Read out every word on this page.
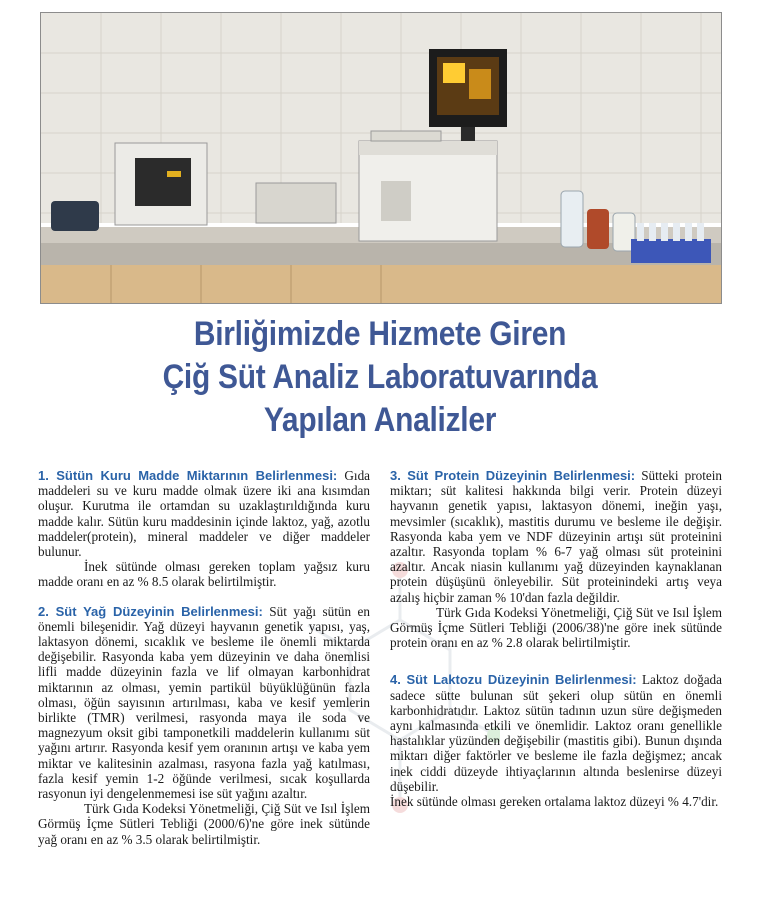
Birliğimizde Hizmete Giren
Çiğ Süt Analiz Laboratuvarında
Yapılan Analizler

1. Sütün Kuru Madde Miktarının Belirlenmesi: Gıda maddeleri su ve kuru madde olmak üzere iki ana kısımdan oluşur. Kurutma ile ortamdan su uzaklaştırıldığında kuru madde kalır. Sütün kuru maddesinin içinde laktoz, yağ, azotlu maddeler(protein), mineral maddeler ve diğer maddeler bulunur.

İnek sütünde olması gereken toplam yağsız kuru madde oranı en az % 8.5 olarak belirtilmiştir.

2. Süt Yağ Düzeyinin Belirlenmesi: Süt yağı sütün en önemli bileşenidir. Yağ düzeyi hayvanın genetik yapısı, yaş, laktasyon dönemi, sıcaklık ve besleme ile önemli miktarda değişebilir. Rasyonda kaba yem düzeyinin ve daha önemlisi lifli madde düzeyinin fazla ve lif olmayan karbonhidrat miktarının az olması, yemin partikül büyüklüğünün fazla olması, öğün sayısının artırılması, kaba ve kesif yemlerin birlikte (TMR) verilmesi, rasyonda maya ile soda ve magnezyum oksit gibi tamponetkili maddelerin kullanımı süt yağını artırır. Rasyonda kesif yem oranının artışı ve kaba yem miktar ve kalitesinin azalması, rasyona fazla yağ katılması, fazla kesif yemin 1-2 öğünde verilmesi, sıcak koşullarda rasyonun iyi dengelenmemesi ise süt yağını azaltır.

Türk Gıda Kodeksi Yönetmeliği, Çiğ Süt ve Isıl İşlem Görmüş İçme Sütleri Tebliği (2000/6)'ne göre inek sütünde yağ oranı en az % 3.5 olarak belirtilmiştir.

3. Süt Protein Düzeyinin Belirlenmesi: Sütteki protein miktarı; süt kalitesi hakkında bilgi verir. Protein düzeyi hayvanın genetik yapısı, laktasyon dönemi, ineğin yaşı, mevsimler (sıcaklık), mastitis durumu ve besleme ile değişir. Rasyonda kaba yem ve NDF düzeyinin artışı süt proteinini azaltır. Rasyonda toplam % 6-7 yağ olması süt proteinini azaltır. Ancak niasin kullanımı yağ düzeyinden kaynaklanan protein düşüşünü önleyebilir. Süt proteinindeki artış veya azalış hiçbir zaman % 10'dan fazla değildir.

Türk Gıda Kodeksi Yönetmeliği, Çiğ Süt ve Isıl İşlem Görmüş İçme Sütleri Tebliği (2006/38)'ne göre inek sütünde protein oranı en az % 2.8 olarak belirtilmiştir.

4. Süt Laktozu Düzeyinin Belirlenmesi: Laktoz doğada sadece sütte bulunan süt şekeri olup sütün en önemli karbonhidratıdır. Laktoz sütün tadının uzun süre değişmeden aynı kalmasında etkili ve önemlidir. Laktoz oranı genellikle hastalıklar yüzünden değişebilir (mastitis gibi). Bunun dışında miktarı diğer faktörler ve besleme ile fazla değişmez; ancak inek ciddi düzeyde ihtiyaçlarının altında beslenirse düzeyi düşebilir.

İnek sütünde olması gereken ortalama laktoz düzeyi % 4.7'dir.
